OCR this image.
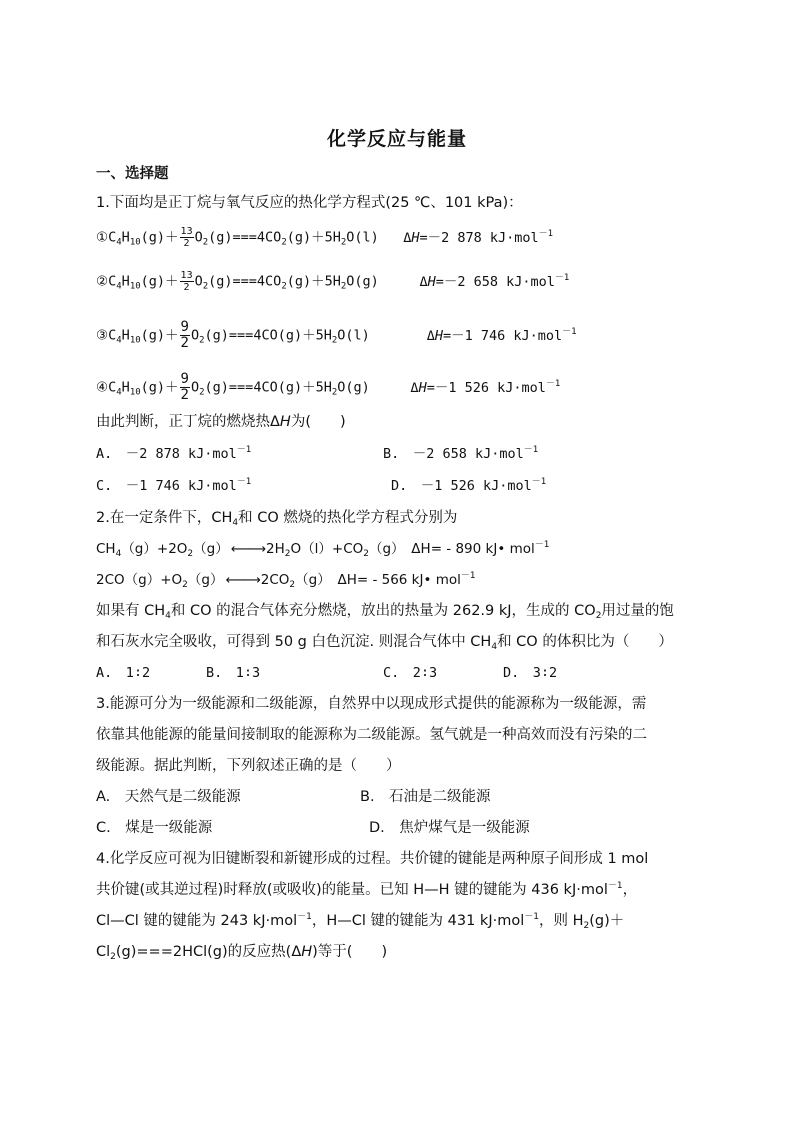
化学反应与能量
一、选择题
1.下面均是正丁烷与氧气反应的热化学方程式(25 ℃、101 kPa)：
$①C_4H_{10}(g)+ \frac{13}{2} O_2(g)===4CO_2(g)+5H_2O(l)$ ΔH=－2 878 kJ·mol$^{-1}$
$②C_4H_{10}(g)+ \frac{13}{2} O_2(g)===4CO_2(g)+5H_2O(g)$	ΔH=－2 658 kJ·mol$^{-1}$
$③C_4H_{10}(g)+ \frac{9}{2} O_2(g)===4CO(g)+5H_2O(l)$	ΔH=－1 746 kJ·mol$^{-1}$
$④C_4H_{10}(g)+ \frac{9}{2} O_2(g)===4CO(g)+5H_2O(g)$	ΔH=－1 526 kJ·mol$^{-1}$
由此判断，正丁烷的燃烧热ΔH为(　　)
A.　－2 878 kJ·mol$^{-1}$	B.　－2 658 kJ·mol$^{-1}$
C.　－1 746 kJ·mol$^{-1}$	D.　－1 526 kJ·mol$^{-1}$
2.在一定条件下，$CH_4$和 CO 燃烧的热化学方程式分别为
$CH_4(g)+2O_2(g)$ ⟵⟶ $2H_2O(l)+CO_2(g)$　ΔH= - 890 kJ• mol$^{-1}$
$2CO(g)+O_2(g)$ ⟵⟶ $2CO_2(g)$　ΔH= - 566 kJ• mol$^{-1}$
如果有 $CH_4$和 CO 的混合气体充分燃烧，放出的热量为 262.9 kJ，生成的 $CO_2$用过量的饱
和石灰水完全吸收，可得到 50 g 白色沉淀. 则混合气体中 $CH_4$和 CO 的体积比为（　　）
A.　1∶2	B.　1∶3	C.　2∶3	D.　3∶2
3.能源可分为一级能源和二级能源，自然界中以现成形式提供的能源称为一级能源，需
依靠其他能源的能量间接制取的能源称为二级能源。氢气就是一种高效而没有污染的二
级能源。据此判断，下列叙述正确的是（　　）
A.　天然气是二级能源	B.　石油是二级能源
C.　煤是一级能源	D.　焦炉煤气是一级能源
4.化学反应可视为旧键断裂和新键形成的过程。共价键的键能是两种原子间形成 1 mol
共价键(或其逆过程)时释放(或吸收)的能量。已知 H—H 键的键能为 436 kJ·mol$^{-1}$，
Cl—Cl 键的键能为 243 kJ·mol$^{-1}$，H—Cl 键的键能为 431 kJ·mol$^{-1}$，则 $H_2(g)+$
$Cl_2(g)===2HCl(g)$的反应热(ΔH)等于(　　)
